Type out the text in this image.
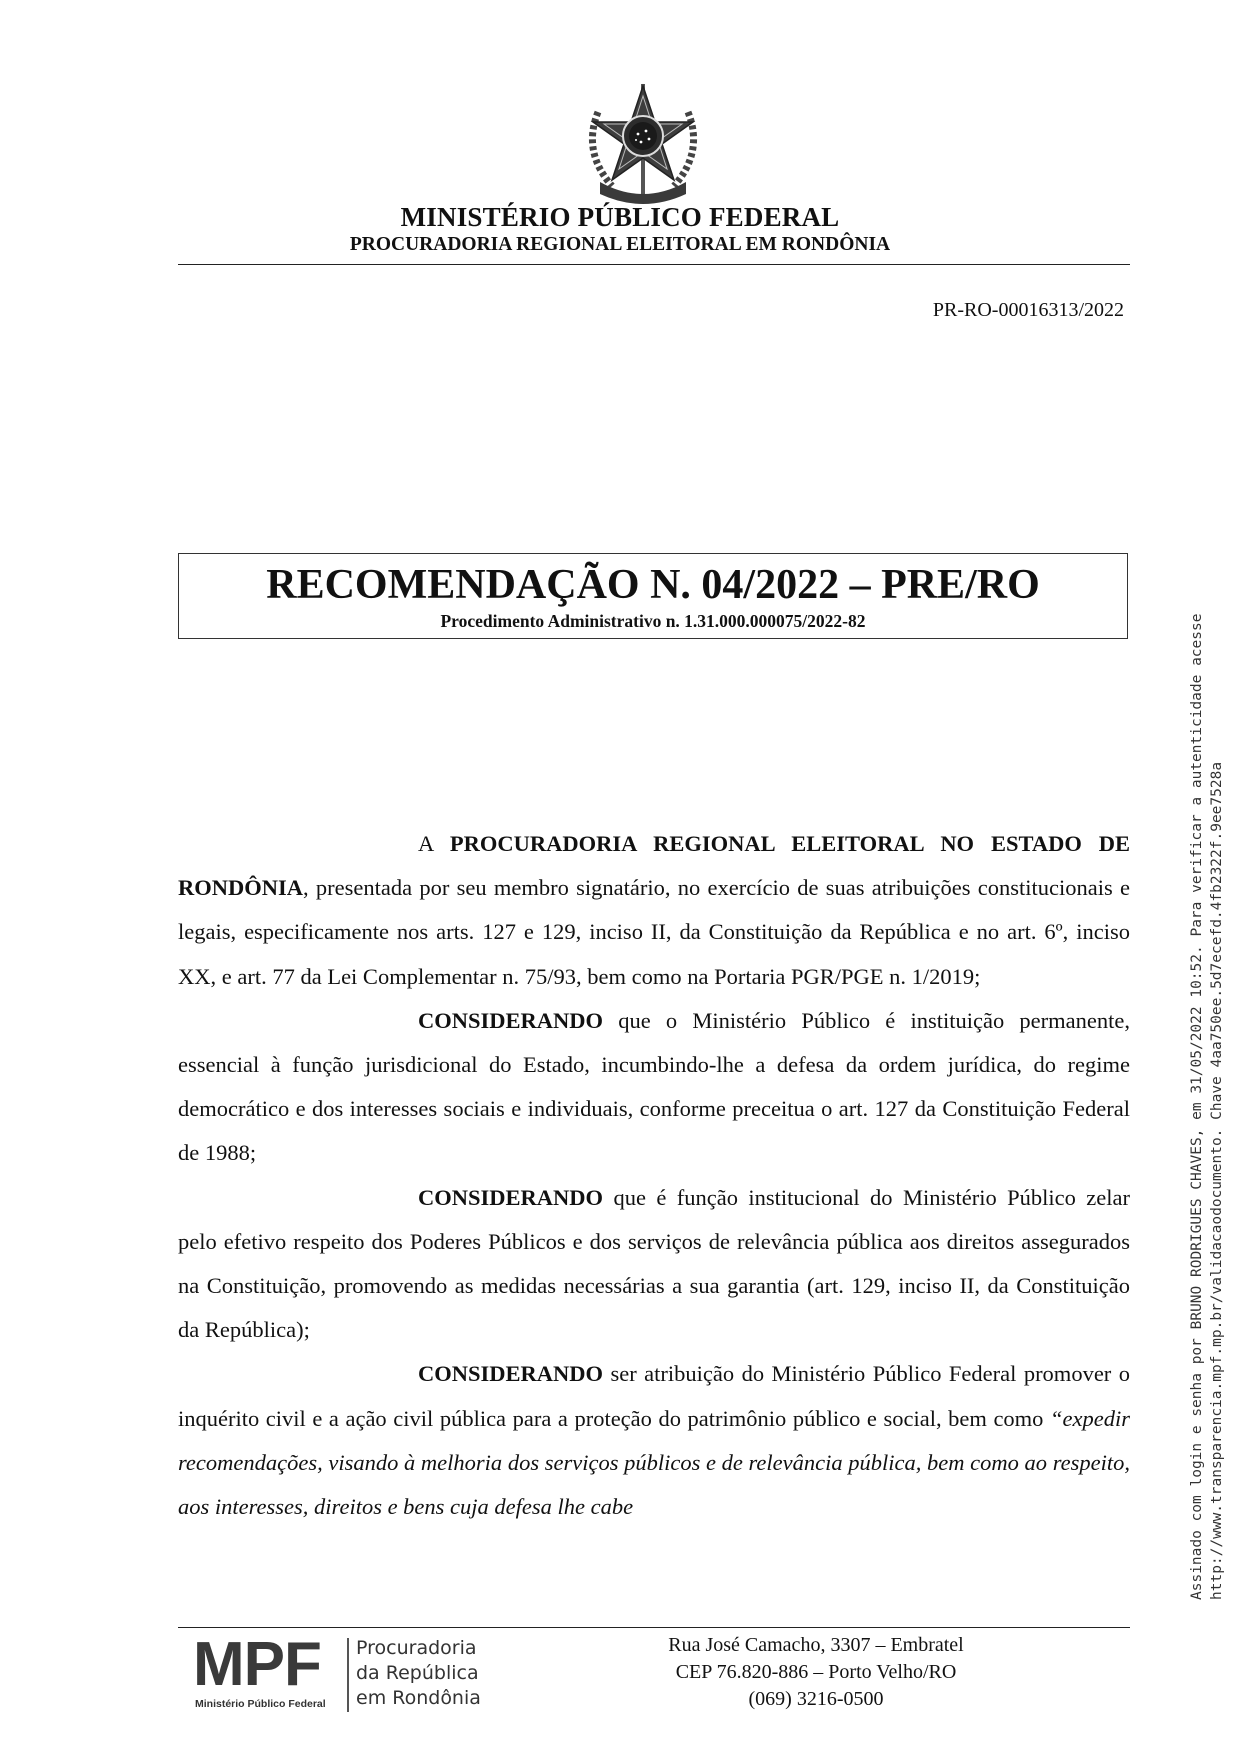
MINISTÉRIO PÚBLICO FEDERAL
PROCURADORIA REGIONAL ELEITORAL EM RONDÔNIA
PR-RO-00016313/2022
RECOMENDAÇÃO N. 04/2022 – PRE/RO
Procedimento Administrativo n. 1.31.000.000075/2022-82

A PROCURADORIA REGIONAL ELEITORAL NO ESTADO DE RONDÔNIA, presentada por seu membro signatário, no exercício de suas atribuições constitucionais e legais, especificamente nos arts. 127 e 129, inciso II, da Constituição da República e no art. 6º, inciso XX, e art. 77 da Lei Complementar n. 75/93, bem como na Portaria PGR/PGE n. 1/2019;

CONSIDERANDO que o Ministério Público é instituição permanente, essencial à função jurisdicional do Estado, incumbindo-lhe a defesa da ordem jurídica, do regime democrático e dos interesses sociais e individuais, conforme preceitua o art. 127 da Constituição Federal de 1988;

CONSIDERANDO que é função institucional do Ministério Público zelar pelo efetivo respeito dos Poderes Públicos e dos serviços de relevância pública aos direitos assegurados na Constituição, promovendo as medidas necessárias a sua garantia (art. 129, inciso II, da Constituição da República);

CONSIDERANDO ser atribuição do Ministério Público Federal promover o inquérito civil e a ação civil pública para a proteção do patrimônio público e social, bem como “expedir recomendações, visando à melhoria dos serviços públicos e de relevância pública, bem como ao respeito, aos interesses, direitos e bens cuja defesa lhe cabe	Assinado com login e senha por BRUNO RODRIGUES CHAVES, em 31/05/2022 10:52. Para verificar a autenticidade acesse http://www.transparencia.mpf.mp.br/validacaodocumento. Chave 4aa750ee.5d7ecefd.4fb2322f.9ee7528a
MPF
Ministério Público Federal
Procuradoria
da República
em Rondônia
Rua José Camacho, 3307 – Embratel
CEP 76.820-886 – Porto Velho/RO
(069) 3216-0500
